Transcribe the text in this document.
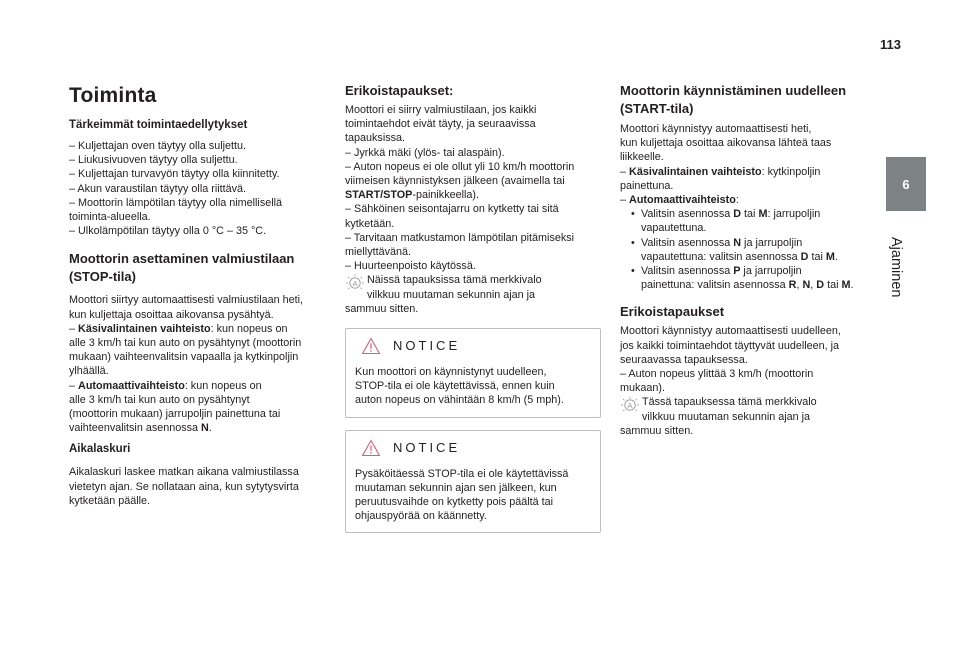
113
6
Ajaminen
Toiminta
Tärkeimmät toimintaedellytykset

– Kuljettajan oven täytyy olla suljettu.

– Liukusivuoven täytyy olla suljettu.

– Kuljettajan turvavyön täytyy olla kiinnitetty.

– Akun varaustilan täytyy olla riittävä.

– Moottorin lämpötilan täytyy olla nimellisellä

toiminta-alueella.

– Ulkolämpötilan täytyy olla 0 °C – 35 °C.

Moottorin asettaminen valmiustilaan
(STOP-tila)

Moottori siirtyy automaattisesti valmiustilaan heti,

kun kuljettaja osoittaa aikovansa pysähtyä.

– Käsivalintainen vaihteisto: kun nopeus on

alle 3 km/h tai kun auto on pysähtynyt (moottorin

mukaan) vaihteenvalitsin vapaalla ja kytkinpoljin

ylhäällä.

– Automaattivaihteisto: kun nopeus on

alle 3 km/h tai kun auto on pysähtynyt

(moottorin mukaan) jarrupoljin painettuna tai

vaihteenvalitsin asennossa N.

Aikalaskuri

Aikalaskuri laskee matkan aikana valmiustilassa

vietetyn ajan. Se nollataan aina, kun sytytysvirta

kytketään päälle.

Erikoistapaukset:

Moottori ei siirry valmiustilaan, jos kaikki

toimintaehdot eivät täyty, ja seuraavissa

tapauksissa.

– Jyrkkä mäki (ylös- tai alaspäin).

– Auton nopeus ei ole ollut yli 10 km/h moottorin

viimeisen käynnistyksen jälkeen (avaimella tai

START/STOP-painikkeella).

– Sähköinen seisontajarru on kytketty tai sitä

kytketään.

– Tarvitaan matkustamon lämpötilan pitämiseksi

miellyttävänä.

– Huurteenpoisto käytössä.

A Näissä tapauksissa tämä merkkivalo

vilkkuu muutaman sekunnin ajan ja

sammuu sitten.

NOTICE

Kun moottori on käynnistynyt uudelleen,

STOP-tila ei ole käytettävissä, ennen kuin

auton nopeus on vähintään 8 km/h (5 mph).

NOTICE

Pysäköitäessä STOP-tila ei ole käytettävissä

muutaman sekunnin ajan sen jälkeen, kun

peruutusvaihde on kytketty pois päältä tai

ohjauspyörää on käännetty.

Moottorin käynnistäminen uudelleen
(START-tila)

Moottori käynnistyy automaattisesti heti,

kun kuljettaja osoittaa aikovansa lähteä taas

liikkeelle.

– Käsivalintainen vaihteisto: kytkinpoljin

painettuna.

– Automaattivaihteisto:

• Valitsin asennossa D tai M: jarrupoljin

vapautettuna.

• Valitsin asennossa N ja jarrupoljin

vapautettuna: valitsin asennossa D tai M.

• Valitsin asennossa P ja jarrupoljin

painettuna: valitsin asennossa R, N, D tai M.

Erikoistapaukset

Moottori käynnistyy automaattisesti uudelleen,

jos kaikki toimintaehdot täyttyvät uudelleen, ja

seuraavassa tapauksessa.

– Auton nopeus ylittää 3 km/h (moottorin

mukaan).

A Tässä tapauksessa tämä merkkivalo

vilkkuu muutaman sekunnin ajan ja

sammuu sitten.
